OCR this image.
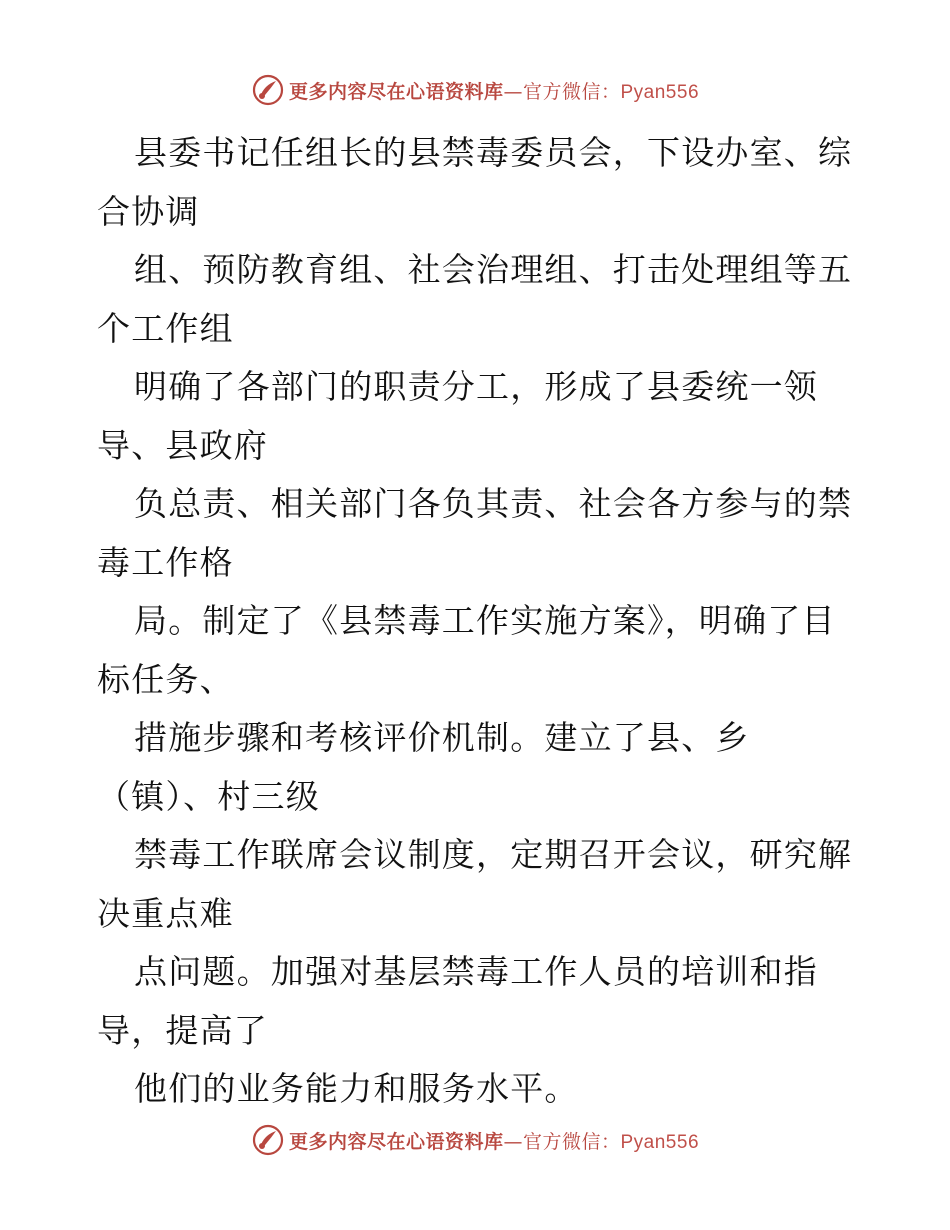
更多内容尽在心语资料库—官方微信：Pyan556
县委书记任组长的县禁毒委员会，下设办室、综
合协调
组、预防教育组、社会治理组、打击处理组等五
个工作组
明确了各部门的职责分工，形成了县委统一领
导、县政府
负总责、相关部门各负其责、社会各方参与的禁
毒工作格
局。制定了《县禁毒工作实施方案》，明确了目
标任务、
措施步骤和考核评价机制。建立了县、乡
（镇）、村三级
禁毒工作联席会议制度，定期召开会议，研究解
决重点难
点问题。加强对基层禁毒工作人员的培训和指
导，提高了
他们的业务能力和服务水平。
更多内容尽在心语资料库—官方微信：Pyan556
